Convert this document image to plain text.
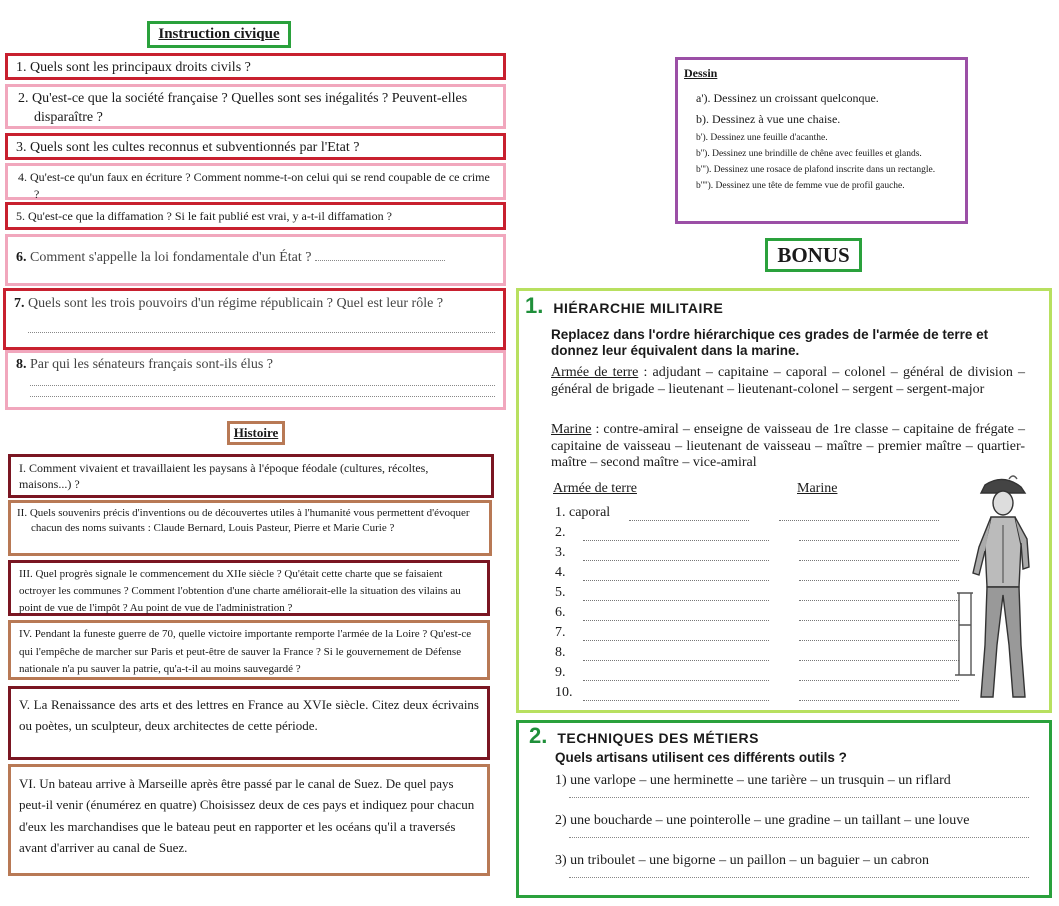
Instruction civique
1. Quels sont les principaux droits civils ?
2. Qu'est-ce que la société française ? Quelles sont ses inégalités ? Peuvent-elles disparaître ?
3. Quels sont les cultes reconnus et subventionnés par l'Etat ?
4. Qu'est-ce qu'un faux en écriture ? Comment nomme-t-on celui qui se rend coupable de ce crime ?
5. Qu'est-ce que la diffamation ? Si le fait publié est vrai, y a-t-il diffamation ?
6. Comment s'appelle la loi fondamentale d'un État ?
7. Quels sont les trois pouvoirs d'un régime républicain ? Quel est leur rôle ?
8. Par qui les sénateurs français sont-ils élus ?
Histoire
I. Comment vivaient et travaillaient les paysans à l'époque féodale (cultures, récoltes, maisons...) ?
II. Quels souvenirs précis d'inventions ou de découvertes utiles à l'humanité vous permettent d'évoquer chacun des noms suivants : Claude Bernard, Louis Pasteur, Pierre et Marie Curie ?
III. Quel progrès signale le commencement du XIIe siècle ? Qu'était cette charte que se faisaient octroyer les communes ? Comment l'obtention d'une charte améliorait-elle la situation des vilains au point de vue de l'impôt ? Au point de vue de l'administration ?
IV. Pendant la funeste guerre de 70, quelle victoire importante remporte l'armée de la Loire ? Qu'est-ce qui l'empêche de marcher sur Paris et peut-être de sauver la France ? Si le gouvernement de Défense nationale n'a pu sauver la patrie, qu'a-t-il au moins sauvegardé ?
V. La Renaissance des arts et des lettres en France au XVIe siècle. Citez deux écrivains ou poètes, un sculpteur, deux architectes de cette période.
VI. Un bateau arrive à Marseille après être passé par le canal de Suez. De quel pays peut-il venir (énumérez en quatre) Choisissez deux de ces pays et indiquez pour chacun d'eux les marchandises que le bateau peut en rapporter et les océans qu'il a traversés avant d'arriver au canal de Suez.
Dessin
a'). Dessinez un croissant quelconque.
b). Dessinez à vue une chaise.
b'). Dessinez une feuille d'acanthe.
b''). Dessinez une brindille de chêne avec feuilles et glands.
b'''). Dessinez une rosace de plafond inscrite dans un rectangle.
b''''). Dessinez une tête de femme vue de profil gauche.
BONUS
1. HIÉRARCHIE MILITAIRE
Replacez dans l'ordre hiérarchique ces grades de l'armée de terre et donnez leur équivalent dans la marine.
Armée de terre : adjudant – capitaine – caporal – colonel – général de division – général de brigade – lieutenant – lieutenant-colonel – sergent – sergent-major
Marine : contre-amiral – enseigne de vaisseau de 1re classe – capitaine de frégate – capitaine de vaisseau – lieutenant de vaisseau – maître – premier maître – quartier-maître – second maître – vice-amiral
Armée de terre	Marine
1. caporal
2.
3.
4.
5.
6.
7.
8.
9.
10.
2. TECHNIQUES DES MÉTIERS
Quels artisans utilisent ces différents outils ?
1) une varlope – une herminette – une tarière – un trusquin – un riflard
2) une boucharde – une pointerolle – une gradine – un taillant – une louve
3) un triboulet – une bigorne – un paillon – un baguier – un cabron
